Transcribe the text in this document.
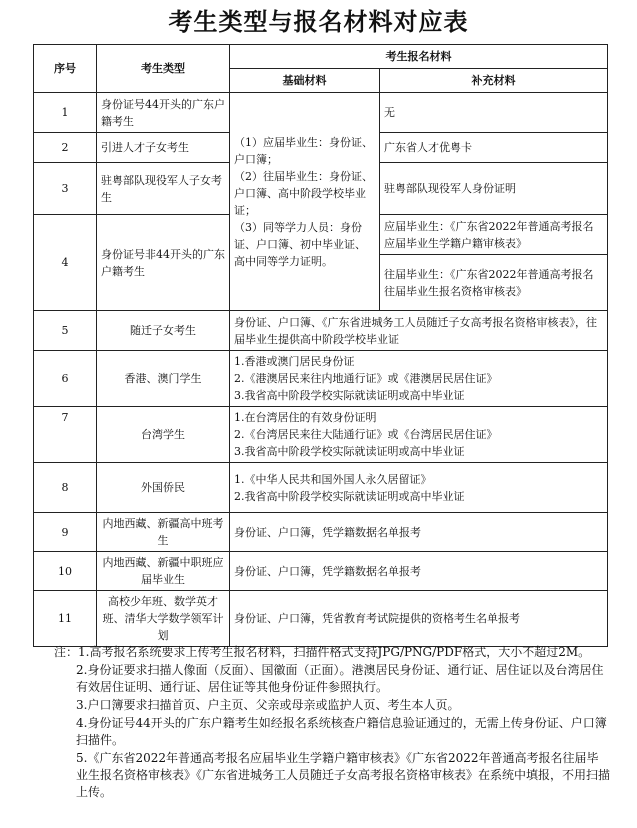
考生类型与报名材料对应表
序号	考生类型	考生报名材料	
		基础材料	补充材料
1	身份证号44开头的广东户籍考生	（1）应届毕业生：身份证、户口簿；
（2）往届毕业生：身份证、户口簿、高中阶段学校毕业证；
（3）同等学力人员：身份证、户口簿、初中毕业证、高中同等学力证明。	无
2	引进人才子女考生		广东省人才优粤卡
3	驻粤部队现役军人子女考生		驻粤部队现役军人身份证明
4	身份证号非44开头的广东户籍考生		应届毕业生：《广东省2022年普通高考报名应届毕业生学籍户籍审核表》
			往届毕业生：《广东省2022年普通高考报名往届毕业生报名资格审核表》
5	随迁子女考生	身份证、户口簿、《广东省进城务工人员随迁子女高考报名资格审核表》，往届毕业生提供高中阶段学校毕业证	
6	香港、澳门学生	1.香港或澳门居民身份证
2.《港澳居民来往内地通行证》或《港澳居民居住证》
3.我省高中阶段学校实际就读证明或高中毕业证	

7	台湾学生	1.在台湾居住的有效身份证明
2.《台湾居民来往大陆通行证》或《台湾居民居住证》
3.我省高中阶段学校实际就读证明或高中毕业证	

8	外国侨民	1.《中华人民共和国外国人永久居留证》
2.我省高中阶段学校实际就读证明或高中毕业证	

9	内地西藏、新疆高中班考生	身份证、户口簿，凭学籍数据名单报考	
10	内地西藏、新疆中职班应届毕业生	身份证、户口簿，凭学籍数据名单报考	
11	高校少年班、数学英才班、清华大学数学领军计划	身份证、户口簿，凭省教育考试院提供的资格考生名单报考	
注： 1.高考报名系统要求上传考生报名材料，扫描件格式支持JPG/PNG/PDF格式，大小不超过2M。
2.身份证要求扫描人像面（反面）、国徽面（正面）。港澳居民身份证、通行证、居住证以及台湾居住有效居住证明、通行证、居住证等其他身份证件参照执行。
3.户口簿要求扫描首页、户主页、父亲或母亲或监护人页、考生本人页。
4.身份证号44开头的广东户籍考生如经报名系统核查户籍信息验证通过的，无需上传身份证、户口簿扫描件。
5.《广东省2022年普通高考报名应届毕业生学籍户籍审核表》《广东省2022年普通高考报名往届毕业生报名资格审核表》《广东省进城务工人员随迁子女高考报名资格审核表》在系统中填报，不用扫描上传。
